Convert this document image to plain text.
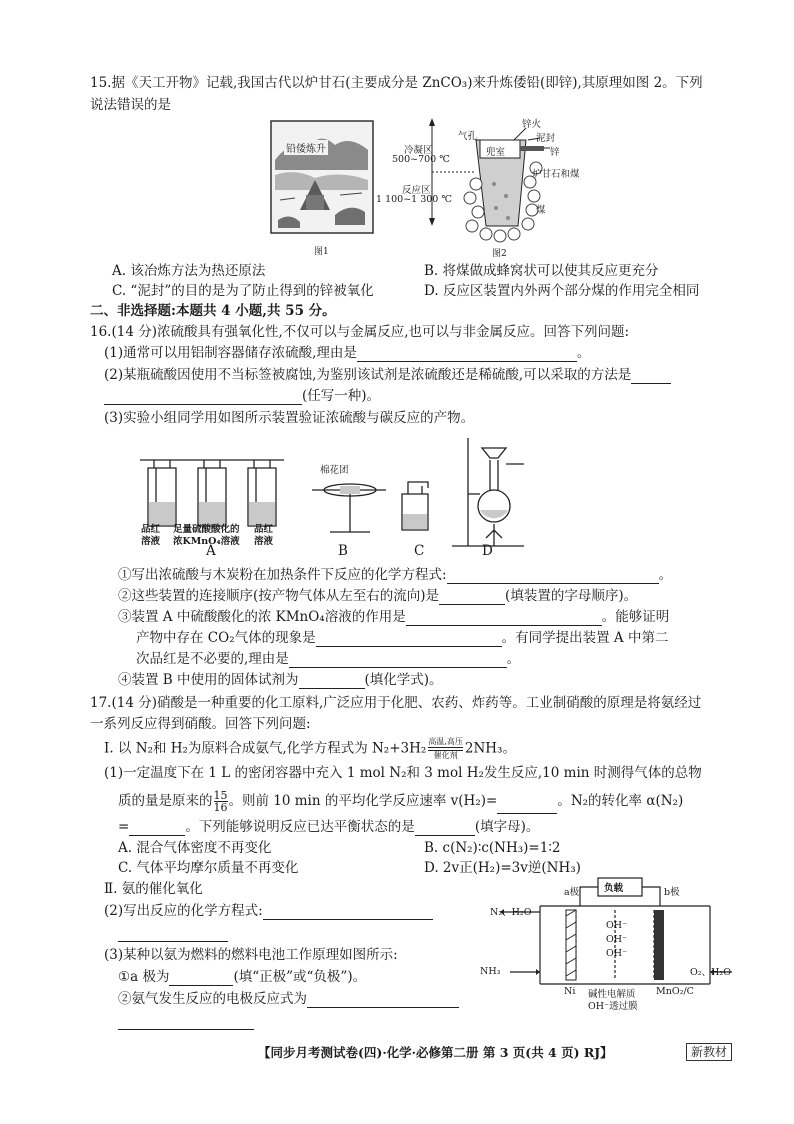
15.据《天工开物》记载,我国古代以炉甘石(主要成分是 ZnCO₃)来升炼倭铅(即锌),其原理如图 2。下列
说法错误的是
铅倭炼升
图1
冷凝区
500~700 ℃
反应区
1 100~1 300 ℃
气孔
锌火
泥封
锌
兜室
炉甘石和煤
煤
图2
A. 该冶炼方法为热还原法	B. 将煤做成蜂窝状可以使其反应更充分
C. “泥封”的目的是为了防止得到的锌被氧化	D. 反应区装置内外两个部分煤的作用完全相同
二、非选择题:本题共 4 小题,共 55 分。
16.(14 分)浓硫酸具有强氧化性,不仅可以与金属反应,也可以与非金属反应。回答下列问题:
(1)通常可以用铝制容器储存浓硫酸,理由是	。
(2)某瓶硫酸因使用不当标签被腐蚀,为鉴别该试剂是浓硫酸还是稀硫酸,可以采取的方法是
(任写一种)。
(3)实验小组同学用如图所示装置验证浓硫酸与碳反应的产物。
棉花团
品红
溶液
足量硫酸酸化的
浓KMnO₄溶液
品红
溶液
A	B	C	D
①写出浓硫酸与木炭粉在加热条件下反应的化学方程式:	。
②这些装置的连接顺序(按产物气体从左至右的流向)是	(填装置的字母顺序)。
③装置 A 中硫酸酸化的浓 KMnO₄溶液的作用是	。能够证明
产物中存在 CO₂气体的现象是	。有同学提出装置 A 中第二
次品红是不必要的,理由是	。
④装置 B 中使用的固体试剂为	(填化学式)。
17.(14 分)硝酸是一种重要的化工原料,广泛应用于化肥、农药、炸药等。工业制硝酸的原理是将氨经过
一系列反应得到硝酸。回答下列问题:
Ⅰ. 以 N₂和 H₂为原料合成氨气,化学方程式为 N₂+3H₂ 高温,高压
催化剂 2NH₃。
(1)一定温度下在 1 L 的密闭容器中充入 1 mol N₂和 3 mol H₂发生反应,10 min 时测得气体的总物
质的量是原来的 $\frac{15}{16}$ 。则前 10 min 的平均化学反应速率 v(H₂)=	。N₂的转化率 α(N₂)
=	。下列能够说明反应已达平衡状态的是	(填字母)。
A. 混合气体密度不再变化	B. c(N₂)∶c(NH₃)=1∶2
C. 气体平均摩尔质量不再变化	D. 2v正(H₂)=3v逆(NH₃)
Ⅱ. 氨的催化氧化
(2)写出反应的化学方程式:
(3)某种以氨为燃料的燃料电池工作原理如图所示:
①a 极为	(填“正极”或“负极”)。
②氨气发生反应的电极反应式为
负载
a极	b极
N₂、H₂O
NH₃	O₂、H₂O
OH⁻
OH⁻
OH⁻
碱性电解质
OH⁻透过膜
Ni	MnO₂/C
【同步月考测试卷(四)·化学·必修第二册 第 3 页(共 4 页) RJ】	新教材
